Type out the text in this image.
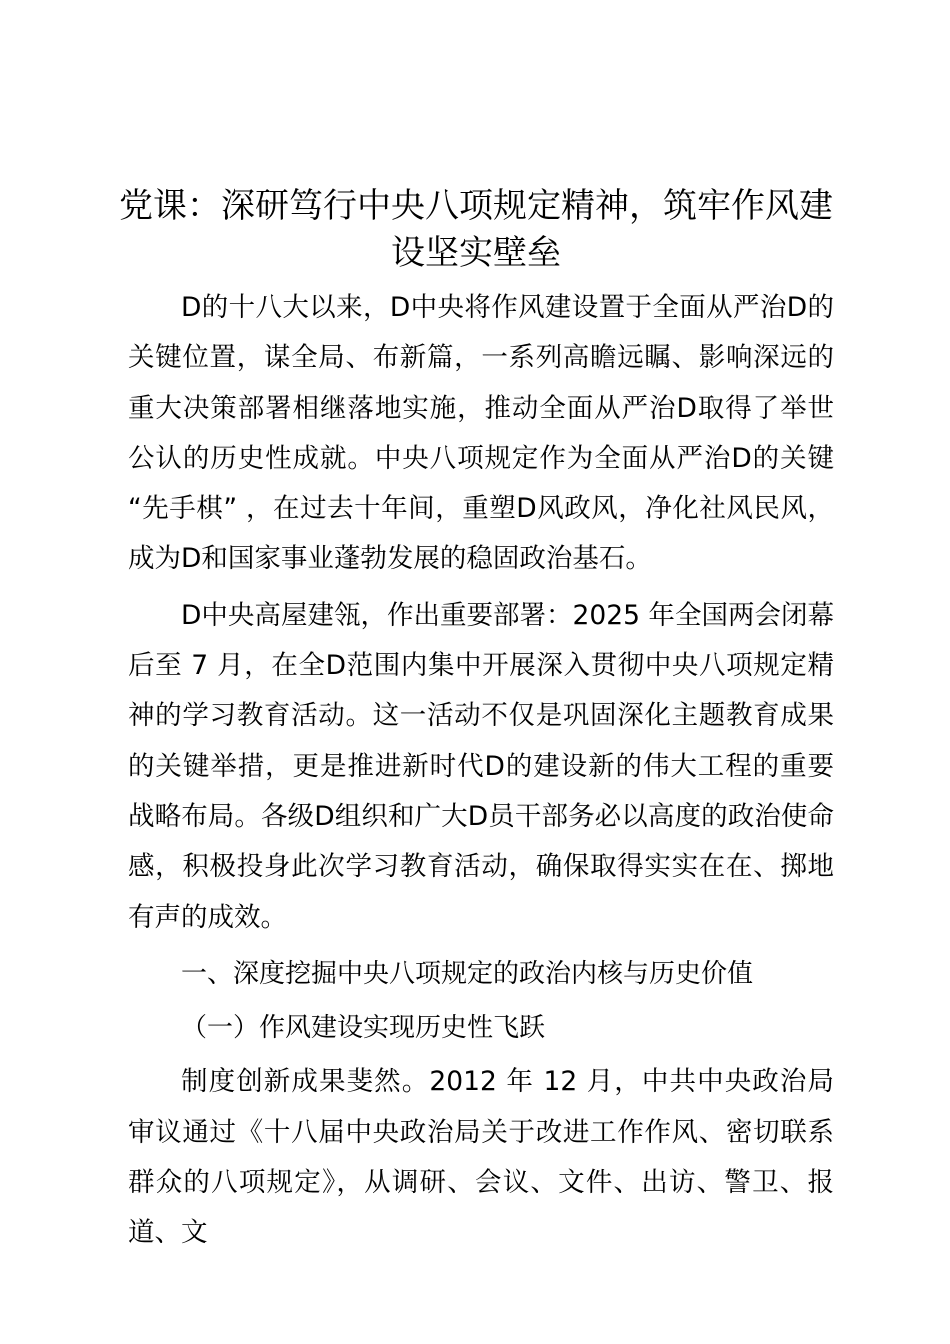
党课：深研笃行中央八项规定精神，筑牢作风建设坚实壁垒

D的十八大以来，D中央将作风建设置于全面从严治D的关键位置，谋全局、布新篇，一系列高瞻远瞩、影响深远的重大决策部署相继落地实施，推动全面从严治D取得了举世公认的历史性成就。中央八项规定作为全面从严治D的关键 “先手棋” ，在过去十年间，重塑D风政风，净化社风民风，成为D和国家事业蓬勃发展的稳固政治基石。

D中央高屋建瓴，作出重要部署：2025 年全国两会闭幕后至 7 月，在全D范围内集中开展深入贯彻中央八项规定精神的学习教育活动。这一活动不仅是巩固深化主题教育成果的关键举措，更是推进新时代D的建设新的伟大工程的重要战略布局。各级D组织和广大D员干部务必以高度的政治使命感，积极投身此次学习教育活动，确保取得实实在在、掷地有声的成效。

一、深度挖掘中央八项规定的政治内核与历史价值

（一）作风建设实现历史性飞跃

制度创新成果斐然。2012 年 12 月，中共中央政治局审议通过《十八届中央政治局关于改进工作作风、密切联系群众的八项规定》，从调研、会议、文件、出访、警卫、报道、文
